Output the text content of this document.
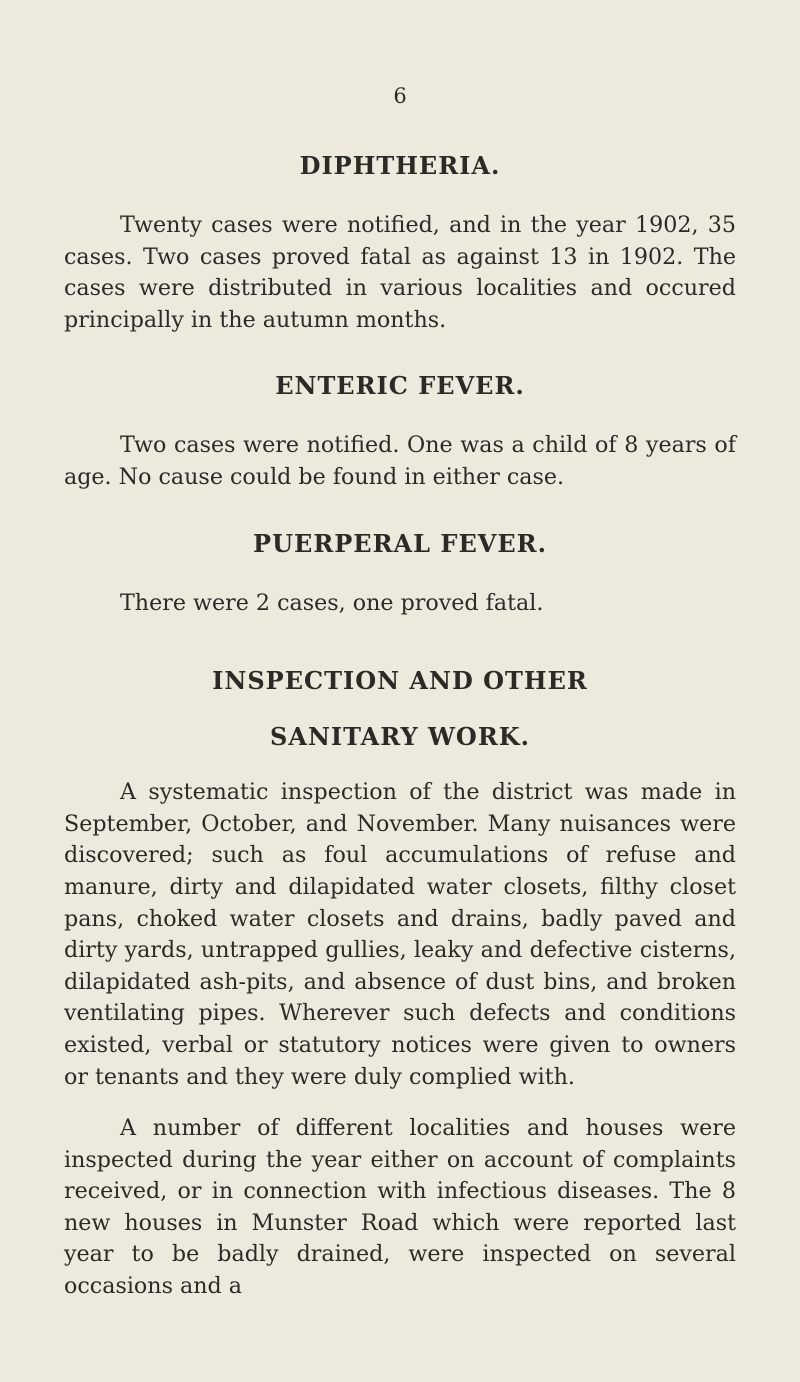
6
DIPHTHERIA.

Twenty cases were notified, and in the year 1902, 35 cases. Two cases proved fatal as against 13 in 1902. The cases were distributed in various localities and occured principally in the autumn months.

ENTERIC FEVER.

Two cases were notified. One was a child of 8 years of age. No cause could be found in either case.

PUERPERAL FEVER.

There were 2 cases, one proved fatal.

INSPECTION AND OTHER
SANITARY WORK.

A systematic inspection of the district was made in September, October, and November. Many nuisances were discovered; such as foul accumulations of refuse and manure, dirty and dilapidated water closets, filthy closet pans, choked water closets and drains, badly paved and dirty yards, untrapped gullies, leaky and defective cisterns, dilapidated ash-pits, and absence of dust bins, and broken ventilating pipes. Wherever such defects and conditions existed, verbal or statutory notices were given to owners or tenants and they were duly complied with.

A number of different localities and houses were inspected during the year either on account of complaints received, or in connection with infectious diseases. The 8 new houses in Munster Road which were reported last year to be badly drained, were inspected on several occasions and a
